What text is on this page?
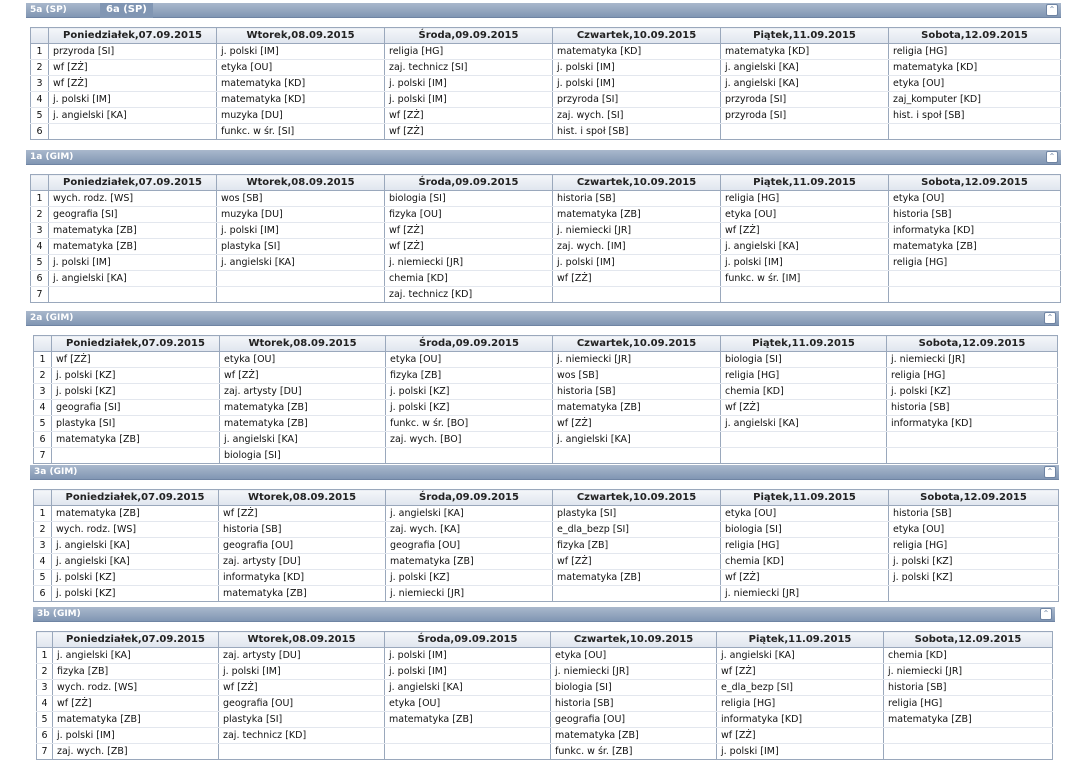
5a (SP)	6a (SP)	⌃
	Poniedziałek,07.09.2015	Wtorek,08.09.2015	Środa,09.09.2015	Czwartek,10.09.2015	Piątek,11.09.2015	Sobota,12.09.2015
1	przyroda [SI]	j. polski [IM]	religia [HG]	matematyka [KD]	matematyka [KD]	religia [HG]
2	wf [ZŻ]	etyka [OU]	zaj. technicz [SI]	j. polski [IM]	j. angielski [KA]	matematyka [KD]
3	wf [ZŻ]	matematyka [KD]	j. polski [IM]	j. polski [IM]	j. angielski [KA]	etyka [OU]
4	j. polski [IM]	matematyka [KD]	j. polski [IM]	przyroda [SI]	przyroda [SI]	zaj_komputer [KD]
5	j. angielski [KA]	muzyka [DU]	wf [ZŻ]	zaj. wych. [SI]	przyroda [SI]	hist. i społ [SB]
6		funkc. w śr. [SI]	wf [ZŻ]	hist. i społ [SB]		
1a (GIM)	⌃
	Poniedziałek,07.09.2015	Wtorek,08.09.2015	Środa,09.09.2015	Czwartek,10.09.2015	Piątek,11.09.2015	Sobota,12.09.2015
1	wych. rodz. [WS]	wos [SB]	biologia [SI]	historia [SB]	religia [HG]	etyka [OU]
2	geografia [SI]	muzyka [DU]	fizyka [OU]	matematyka [ZB]	etyka [OU]	historia [SB]
3	matematyka [ZB]	j. polski [IM]	wf [ZŻ]	j. niemiecki [JR]	wf [ZŻ]	informatyka [KD]
4	matematyka [ZB]	plastyka [SI]	wf [ZŻ]	zaj. wych. [IM]	j. angielski [KA]	matematyka [ZB]
5	j. polski [IM]	j. angielski [KA]	j. niemiecki [JR]	j. polski [IM]	j. polski [IM]	religia [HG]
6	j. angielski [KA]		chemia [KD]	wf [ZŻ]	funkc. w śr. [IM]	
7			zaj. technicz [KD]			
2a (GIM)	⌃
	Poniedziałek,07.09.2015	Wtorek,08.09.2015	Środa,09.09.2015	Czwartek,10.09.2015	Piątek,11.09.2015	Sobota,12.09.2015
1	wf [ZŻ]	etyka [OU]	etyka [OU]	j. niemiecki [JR]	biologia [SI]	j. niemiecki [JR]
2	j. polski [KZ]	wf [ZŻ]	fizyka [ZB]	wos [SB]	religia [HG]	religia [HG]
3	j. polski [KZ]	zaj. artysty [DU]	j. polski [KZ]	historia [SB]	chemia [KD]	j. polski [KZ]
4	geografia [SI]	matematyka [ZB]	j. polski [KZ]	matematyka [ZB]	wf [ZŻ]	historia [SB]
5	plastyka [SI]	matematyka [ZB]	funkc. w śr. [BO]	wf [ZŻ]	j. angielski [KA]	informatyka [KD]
6	matematyka [ZB]	j. angielski [KA]	zaj. wych. [BO]	j. angielski [KA]		
7		biologia [SI]				
3a (GIM)	⌃
	Poniedziałek,07.09.2015	Wtorek,08.09.2015	Środa,09.09.2015	Czwartek,10.09.2015	Piątek,11.09.2015	Sobota,12.09.2015
1	matematyka [ZB]	wf [ZŻ]	j. angielski [KA]	plastyka [SI]	etyka [OU]	historia [SB]
2	wych. rodz. [WS]	historia [SB]	zaj. wych. [KA]	e_dla_bezp [SI]	biologia [SI]	etyka [OU]
3	j. angielski [KA]	geografia [OU]	geografia [OU]	fizyka [ZB]	religia [HG]	religia [HG]
4	j. angielski [KA]	zaj. artysty [DU]	matematyka [ZB]	wf [ZŻ]	chemia [KD]	j. polski [KZ]
5	j. polski [KZ]	informatyka [KD]	j. polski [KZ]	matematyka [ZB]	wf [ZŻ]	j. polski [KZ]
6	j. polski [KZ]	matematyka [ZB]	j. niemiecki [JR]		j. niemiecki [JR]	
3b (GIM)	⌃
	Poniedziałek,07.09.2015	Wtorek,08.09.2015	Środa,09.09.2015	Czwartek,10.09.2015	Piątek,11.09.2015	Sobota,12.09.2015
1	j. angielski [KA]	zaj. artysty [DU]	j. polski [IM]	etyka [OU]	j. angielski [KA]	chemia [KD]
2	fizyka [ZB]	j. polski [IM]	j. polski [IM]	j. niemiecki [JR]	wf [ZŻ]	j. niemiecki [JR]
3	wych. rodz. [WS]	wf [ZŻ]	j. angielski [KA]	biologia [SI]	e_dla_bezp [SI]	historia [SB]
4	wf [ZŻ]	geografia [OU]	etyka [OU]	historia [SB]	religia [HG]	religia [HG]
5	matematyka [ZB]	plastyka [SI]	matematyka [ZB]	geografia [OU]	informatyka [KD]	matematyka [ZB]
6	j. polski [IM]	zaj. technicz [KD]		matematyka [ZB]	wf [ZŻ]	
7	zaj. wych. [ZB]			funkc. w śr. [ZB]	j. polski [IM]	
